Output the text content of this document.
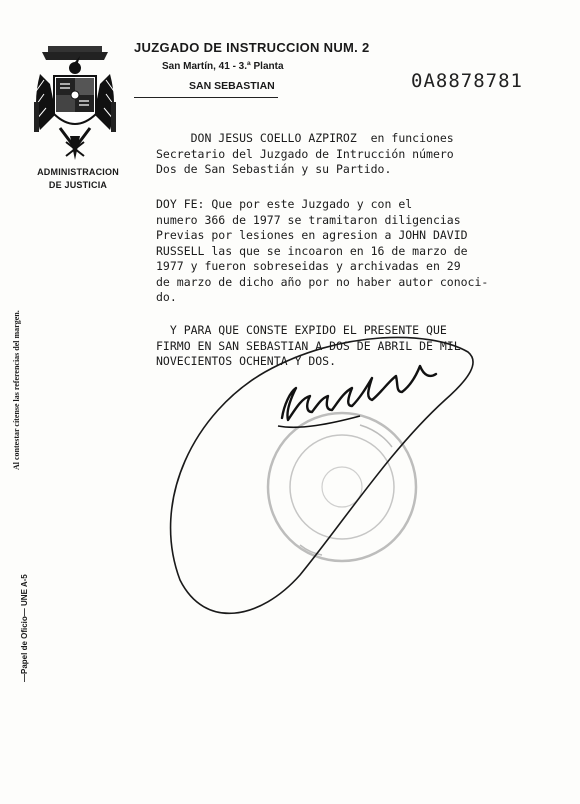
ADMINISTRACION
DE JUSTICIA
JUZGADO DE INSTRUCCION NUM. 2
San Martín, 41 - 3.ª Planta
SAN SEBASTIAN	0A8878781
DON JESUS COELLO AZPIROZ  en funciones
Secretario del Juzgado de Intrucción número
Dos de San Sebastián y su Partido.
DOY FE: Que por este Juzgado y con el
numero 366 de 1977 se tramitaron diligencias
Previas por lesiones en agresion a JOHN DAVID
RUSSELL las que se incoaron en 16 de marzo de
1977 y fueron sobreseidas y archivadas en 29
de marzo de dicho año por no haber autor conoci-
do.
Y PARA QUE CONSTE EXPIDO EL PRESENTE QUE
FIRMO EN SAN SEBASTIAN A DOS DE ABRIL DE MIL
NOVECIENTOS OCHENTA Y DOS.
Al contestar cítense las referencias del margen.
—Papel de Oficio— UNE A-5
